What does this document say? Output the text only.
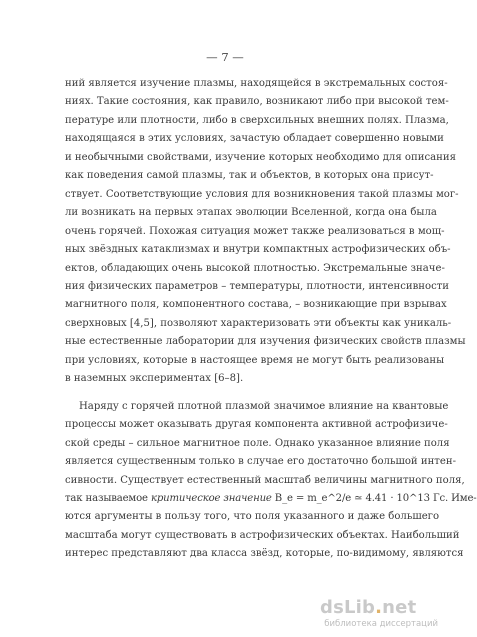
— 7 —
ний является изучение плазмы, находящейся в экстремальных состоя-
ниях. Такие состояния, как правило, возникают либо при высокой тем-
пературе или плотности, либо в сверхсильных внешних полях. Плазма,
находящаяся в этих условиях, зачастую обладает совершенно новыми
и необычными свойствами, изучение которых необходимо для описания
как поведения самой плазмы, так и объектов, в которых она присут-
ствует. Соответствующие условия для возникновения такой плазмы мог-
ли возникать на первых этапах эволюции Вселенной, когда она была
очень горячей. Похожая ситуация может также реализоваться в мощ-
ных звёздных катаклизмах и внутри компактных астрофизических объ-
ектов, обладающих очень высокой плотностью. Экстремальные значе-
ния физических параметров – температуры, плотности, интенсивности
магнитного поля, компонентного состава, – возникающие при взрывах
сверхновых [4,5], позволяют характеризовать эти объекты как уникаль-
ные естественные лаборатории для изучения физических свойств плазмы
при условиях, которые в настоящее время не могут быть реализованы
в наземных экспериментах [6–8].
Наряду с горячей плотной плазмой значимое влияние на квантовые
процессы может оказывать другая компонента активной астрофизиче-
ской среды – сильное магнитное поле. Однако указанное влияние поля
является существенным только в случае его достаточно большой интен-
сивности. Существует естественный масштаб величины магнитного поля,
так называемое критическое значение B_e = m_e^2/e ≃ 4.41 · 10^13 Гс. Име-
ются аргументы в пользу того, что поля указанного и даже большего
масштаба могут существовать в астрофизических объектах. Наибольший
интерес представляют два класса звёзд, которые, по-видимому, являются
dsLib.net
библиотека диссертаций
